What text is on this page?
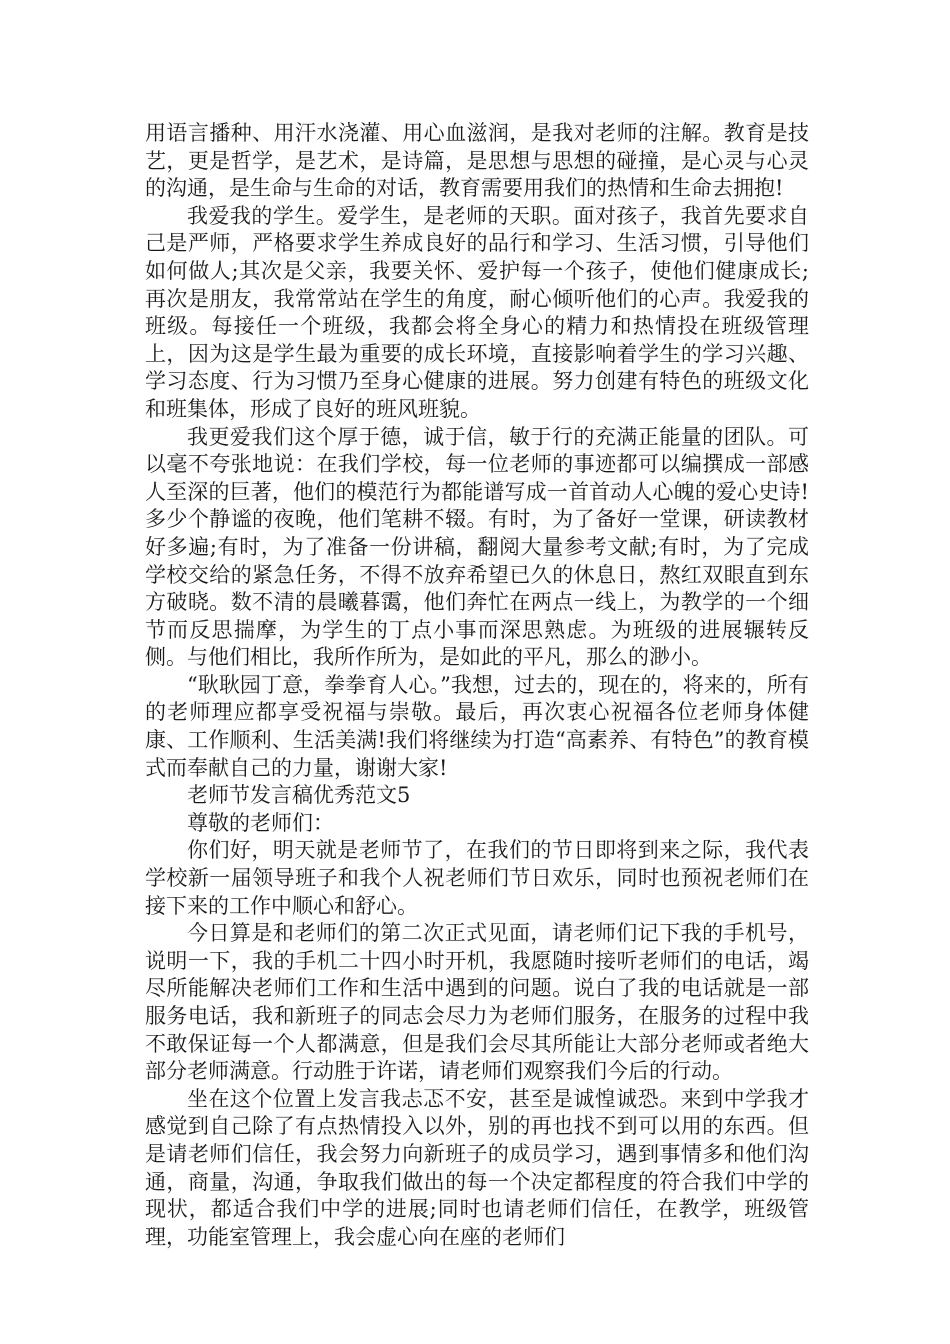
用语言播种、用汗水浇灌、用心血滋润，是我对老师的注解。教育是技艺，更是哲学，是艺术，是诗篇，是思想与思想的碰撞，是心灵与心灵的沟通，是生命与生命的对话，教育需要用我们的热情和生命去拥抱!

我爱我的学生。爱学生，是老师的天职。面对孩子，我首先要求自己是严师，严格要求学生养成良好的品行和学习、生活习惯，引导他们如何做人;其次是父亲，我要关怀、爱护每一个孩子，使他们健康成长;再次是朋友，我常常站在学生的角度，耐心倾听他们的心声。我爱我的班级。每接任一个班级，我都会将全身心的精力和热情投在班级管理上，因为这是学生最为重要的成长环境，直接影响着学生的学习兴趣、学习态度、行为习惯乃至身心健康的进展。努力创建有特色的班级文化和班集体，形成了良好的班风班貌。

我更爱我们这个厚于德，诚于信，敏于行的充满正能量的团队。可以毫不夸张地说：在我们学校，每一位老师的事迹都可以编撰成一部感人至深的巨著，他们的模范行为都能谱写成一首首动人心魄的爱心史诗!多少个静谧的夜晚，他们笔耕不辍。有时，为了备好一堂课，研读教材好多遍;有时，为了准备一份讲稿，翻阅大量参考文献;有时，为了完成学校交给的紧急任务，不得不放弃希望已久的休息日，熬红双眼直到东方破晓。数不清的晨曦暮霭，他们奔忙在两点一线上，为教学的一个细节而反思揣摩，为学生的丁点小事而深思熟虑。为班级的进展辗转反侧。与他们相比，我所作所为，是如此的平凡，那么的渺小。

“耿耿园丁意，拳拳育人心。”我想，过去的，现在的，将来的，所有的老师理应都享受祝福与崇敬。最后，再次衷心祝福各位老师身体健康、工作顺利、生活美满!我们将继续为打造“高素养、有特色”的教育模式而奉献自己的力量，谢谢大家!

老师节发言稿优秀范文5

尊敬的老师们：

你们好，明天就是老师节了，在我们的节日即将到来之际，我代表学校新一届领导班子和我个人祝老师们节日欢乐，同时也预祝老师们在接下来的工作中顺心和舒心。

今日算是和老师们的第二次正式见面，请老师们记下我的手机号，说明一下，我的手机二十四小时开机，我愿随时接听老师们的电话，竭尽所能解决老师们工作和生活中遇到的问题。说白了我的电话就是一部服务电话，我和新班子的同志会尽力为老师们服务，在服务的过程中我不敢保证每一个人都满意，但是我们会尽其所能让大部分老师或者绝大部分老师满意。行动胜于许诺，请老师们观察我们今后的行动。

坐在这个位置上发言我忐忑不安，甚至是诚惶诚恐。来到中学我才感觉到自己除了有点热情投入以外，别的再也找不到可以用的东西。但是请老师们信任，我会努力向新班子的成员学习，遇到事情多和他们沟通，商量，沟通，争取我们做出的每一个决定都程度的符合我们中学的现状，都适合我们中学的进展;同时也请老师们信任，在教学，班级管理，功能室管理上，我会虚心向在座的老师们
